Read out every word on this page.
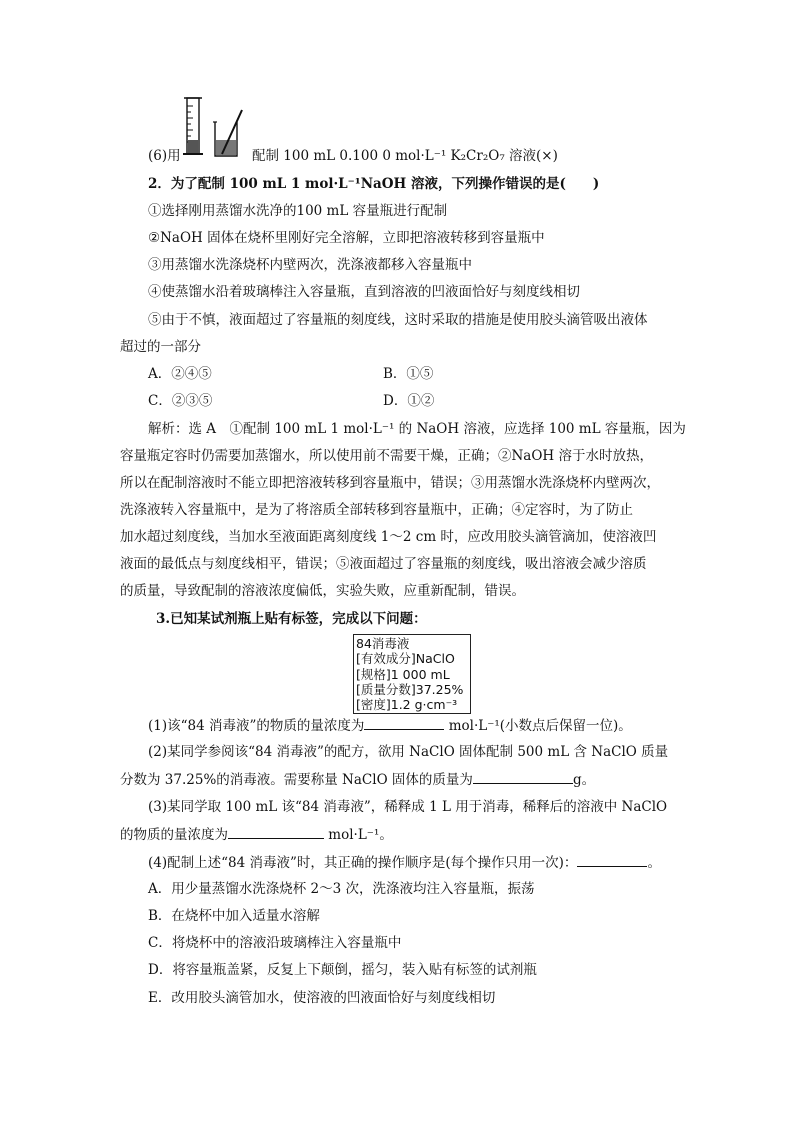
(6)用	配制 100 mL 0.100 0 mol·L⁻¹ K₂Cr₂O₇ 溶液(×)
2．为了配制 100 mL 1 mol·L⁻¹NaOH 溶液，下列操作错误的是(　　)
①选择刚用蒸馏水洗净的100 mL 容量瓶进行配制
②NaOH 固体在烧杯里刚好完全溶解，立即把溶液转移到容量瓶中
③用蒸馏水洗涤烧杯内壁两次，洗涤液都移入容量瓶中
④使蒸馏水沿着玻璃棒注入容量瓶，直到溶液的凹液面恰好与刻度线相切
⑤由于不慎，液面超过了容量瓶的刻度线，这时采取的措施是使用胶头滴管吸出液体
超过的一部分
A．②④⑤	B．①⑤
C．②③⑤	D．①②
解析：选 A　①配制 100 mL 1 mol·L⁻¹ 的 NaOH 溶液，应选择 100 mL 容量瓶，因为
容量瓶定容时仍需要加蒸馏水，所以使用前不需要干燥，正确；②NaOH 溶于水时放热，
所以在配制溶液时不能立即把溶液转移到容量瓶中，错误；③用蒸馏水洗涤烧杯内壁两次，
洗涤液转入容量瓶中，是为了将溶质全部转移到容量瓶中，正确；④定容时，为了防止
加水超过刻度线，当加水至液面距离刻度线 1～2 cm 时，应改用胶头滴管滴加，使溶液凹
液面的最低点与刻度线相平，错误；⑤液面超过了容量瓶的刻度线，吸出溶液会减少溶质
的质量，导致配制的溶液浓度偏低，实验失败，应重新配制，错误。
3.已知某试剂瓶上贴有标签，完成以下问题：
84消毒液
[有效成分]NaClO
[规格]1 000 mL
[质量分数]37.25%
[密度]1.2 g·cm⁻³
(1)该“84 消毒液”的物质的量浓度为	mol·L⁻¹(小数点后保留一位)。
(2)某同学参阅该“84 消毒液”的配方，欲用 NaClO 固体配制 500 mL 含 NaClO 质量
分数为 37.25%的消毒液。需要称量 NaClO 固体的质量为	g。
(3)某同学取 100 mL 该“84 消毒液”，稀释成 1 L 用于消毒，稀释后的溶液中 NaClO
的物质的量浓度为	mol·L⁻¹。
(4)配制上述“84 消毒液”时，其正确的操作顺序是(每个操作只用一次)：	。
A．用少量蒸馏水洗涤烧杯 2～3 次，洗涤液均注入容量瓶，振荡
B．在烧杯中加入适量水溶解
C．将烧杯中的溶液沿玻璃棒注入容量瓶中
D．将容量瓶盖紧，反复上下颠倒，摇匀，装入贴有标签的试剂瓶
E．改用胶头滴管加水，使溶液的凹液面恰好与刻度线相切
